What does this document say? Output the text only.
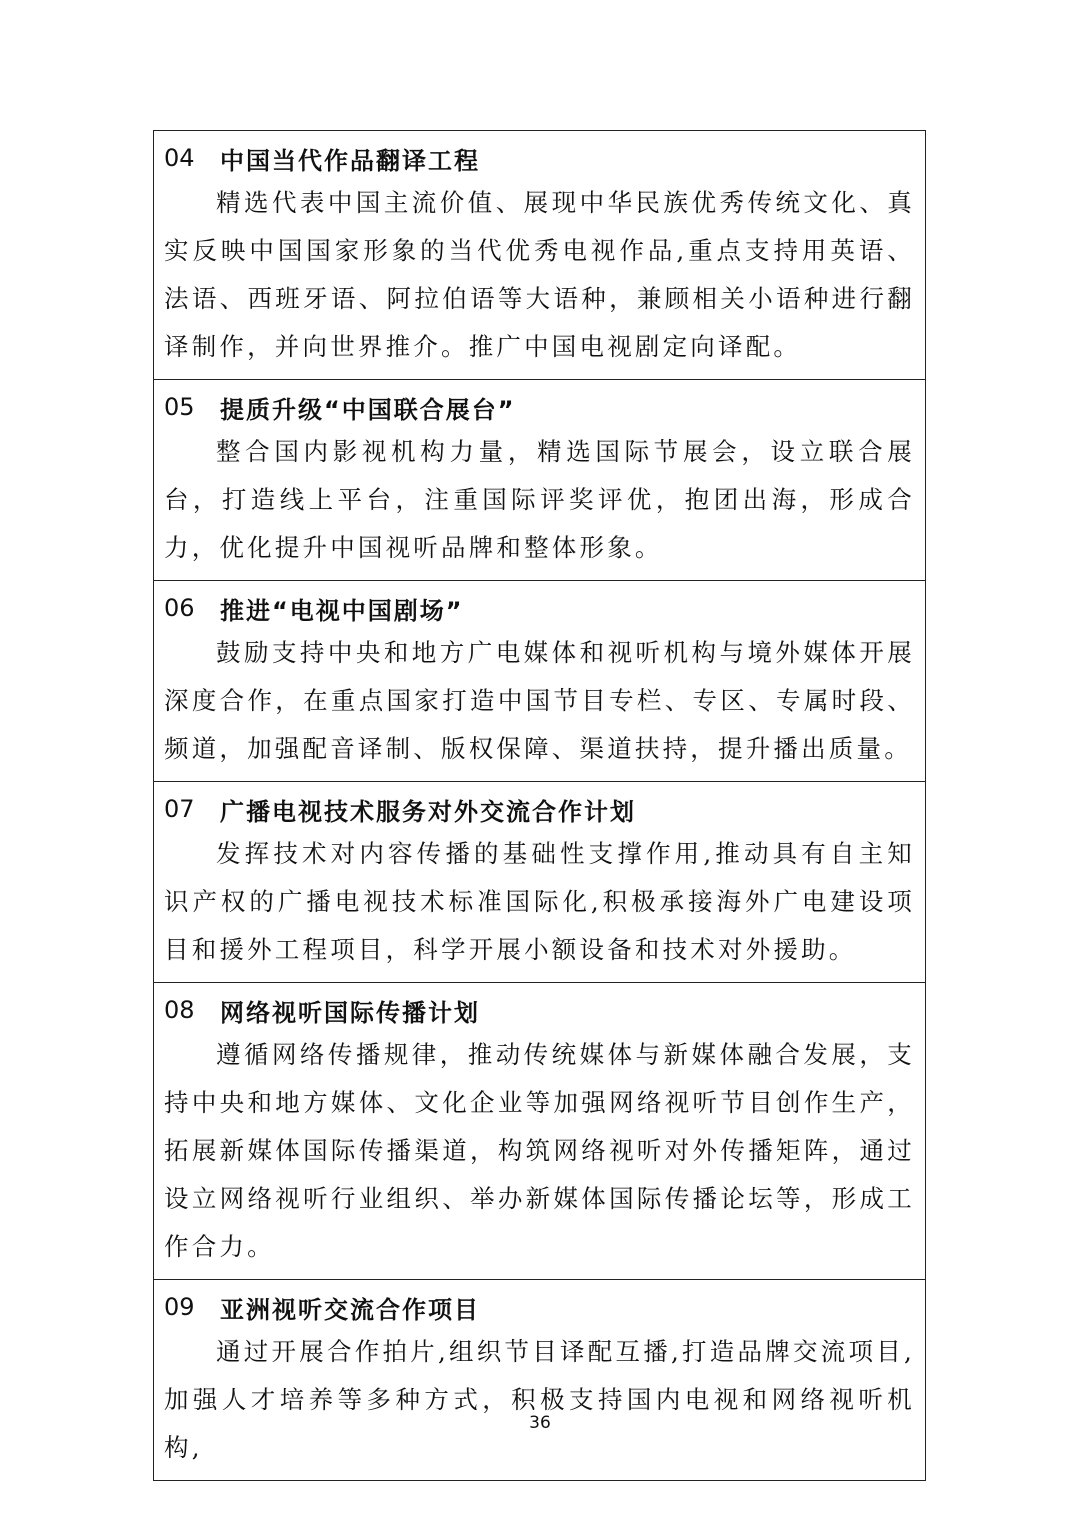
04	中国当代作品翻译工程

精选代表中国主流价值、展现中华民族优秀传统文化、真实反映中国国家形象的当代优秀电视作品,重点支持用英语、法语、西班牙语、阿拉伯语等大语种，兼顾相关小语种进行翻译制作，并向世界推介。推广中国电视剧定向译配。

05	提质升级“中国联合展台”

整合国内影视机构力量，精选国际节展会，设立联合展台，打造线上平台，注重国际评奖评优，抱团出海，形成合力，优化提升中国视听品牌和整体形象。

06	推进“电视中国剧场”

鼓励支持中央和地方广电媒体和视听机构与境外媒体开展深度合作，在重点国家打造中国节目专栏、专区、专属时段、频道，加强配音译制、版权保障、渠道扶持，提升播出质量。

07	广播电视技术服务对外交流合作计划

发挥技术对内容传播的基础性支撑作用,推动具有自主知识产权的广播电视技术标准国际化,积极承接海外广电建设项目和援外工程项目，科学开展小额设备和技术对外援助。

08	网络视听国际传播计划

遵循网络传播规律，推动传统媒体与新媒体融合发展，支持中央和地方媒体、文化企业等加强网络视听节目创作生产，拓展新媒体国际传播渠道，构筑网络视听对外传播矩阵，通过设立网络视听行业组织、举办新媒体国际传播论坛等，形成工作合力。

09	亚洲视听交流合作项目

通过开展合作拍片,组织节目译配互播,打造品牌交流项目,加强人才培养等多种方式，积极支持国内电视和网络视听机构,

36
